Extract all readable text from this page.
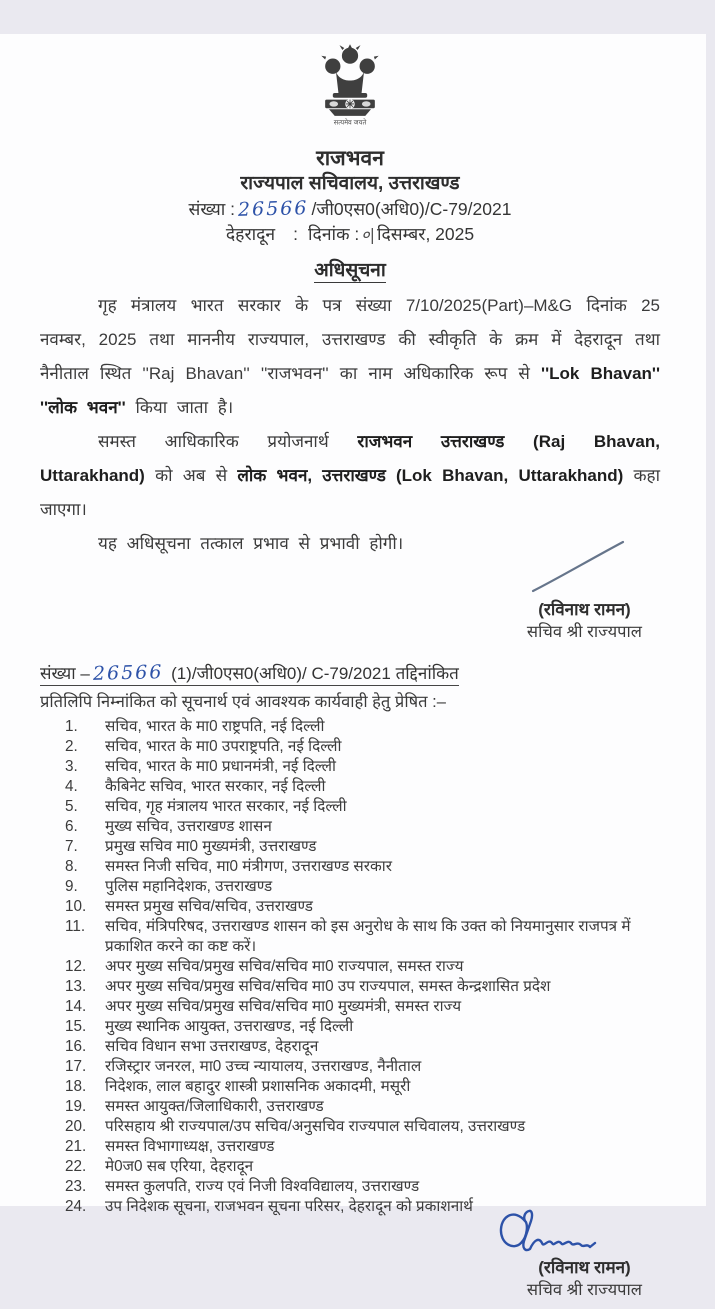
सत्यमेव जयते
राजभवन
राज्यपाल सचिवालय, उत्तराखण्ड
संख्या : 26566 /जी0एस0(अधि0)/C-79/2021
देहरादून : दिनांक : ०| दिसम्बर, 2025
अधिसूचना
गृह मंत्रालय भारत सरकार के पत्र संख्या 7/10/2025(Part)–M&G दिनांक 25 नवम्बर, 2025 तथा माननीय राज्यपाल, उत्तराखण्ड की स्वीकृति के क्रम में देहरादून तथा नैनीताल स्थित ''Raj Bhavan'' ''राजभवन'' का नाम अधिकारिक रूप से ''Lok Bhavan'' ''लोक भवन'' किया जाता है।
समस्त आधिकारिक प्रयोजनार्थ राजभवन उत्तराखण्ड (Raj Bhavan, Uttarakhand) को अब से लोक भवन, उत्तराखण्ड (Lok Bhavan, Uttarakhand) कहा जाएगा।
यह अधिसूचना तत्काल प्रभाव से प्रभावी होगी।
(रविनाथ रामन)
सचिव श्री राज्यपाल
संख्या – 26566 (1)/जी0एस0(अधि0)/ C-79/2021 तद्दिनांकित
प्रतिलिपि निम्नांकित को सूचनार्थ एवं आवश्यक कार्यवाही हेतु प्रेषित :–
1.	सचिव, भारत के मा0 राष्ट्रपति, नई दिल्ली
2.	सचिव, भारत के मा0 उपराष्ट्रपति, नई दिल्ली
3.	सचिव, भारत के मा0 प्रधानमंत्री, नई दिल्ली
4.	कैबिनेट सचिव, भारत सरकार, नई दिल्ली
5.	सचिव, गृह मंत्रालय भारत सरकार, नई दिल्ली
6.	मुख्य सचिव, उत्तराखण्ड शासन
7.	प्रमुख सचिव मा0 मुख्यमंत्री, उत्तराखण्ड
8.	समस्त निजी सचिव, मा0 मंत्रीगण, उत्तराखण्ड सरकार
9.	पुलिस महानिदेशक, उत्तराखण्ड
10.	समस्त प्रमुख सचिव/सचिव, उत्तराखण्ड
11.	सचिव, मंत्रिपरिषद, उत्तराखण्ड शासन को इस अनुरोध के साथ कि उक्त को नियमानुसार राजपत्र में प्रकाशित करने का कष्ट करें।
12.	अपर मुख्य सचिव/प्रमुख सचिव/सचिव मा0 राज्यपाल, समस्त राज्य
13.	अपर मुख्य सचिव/प्रमुख सचिव/सचिव मा0 उप राज्यपाल, समस्त केन्द्रशासित प्रदेश
14.	अपर मुख्य सचिव/प्रमुख सचिव/सचिव मा0 मुख्यमंत्री, समस्त राज्य
15.	मुख्य स्थानिक आयुक्त, उत्तराखण्ड, नई दिल्ली
16.	सचिव विधान सभा उत्तराखण्ड, देहरादून
17.	रजिस्ट्रार जनरल, मा0 उच्च न्यायालय, उत्तराखण्ड, नैनीताल
18.	निदेशक, लाल बहादुर शास्त्री प्रशासनिक अकादमी, मसूरी
19.	समस्त आयुक्त/जिलाधिकारी, उत्तराखण्ड
20.	परिसहाय श्री राज्यपाल/उप सचिव/अनुसचिव राज्यपाल सचिवालय, उत्तराखण्ड
21.	समस्त विभागाध्यक्ष, उत्तराखण्ड
22.	मे0ज0 सब एरिया, देहरादून
23.	समस्त कुलपति, राज्य एवं निजी विश्वविद्यालय, उत्तराखण्ड
24.	उप निदेशक सूचना, राजभवन सूचना परिसर, देहरादून को प्रकाशनार्थ
(रविनाथ रामन)
सचिव श्री राज्यपाल
